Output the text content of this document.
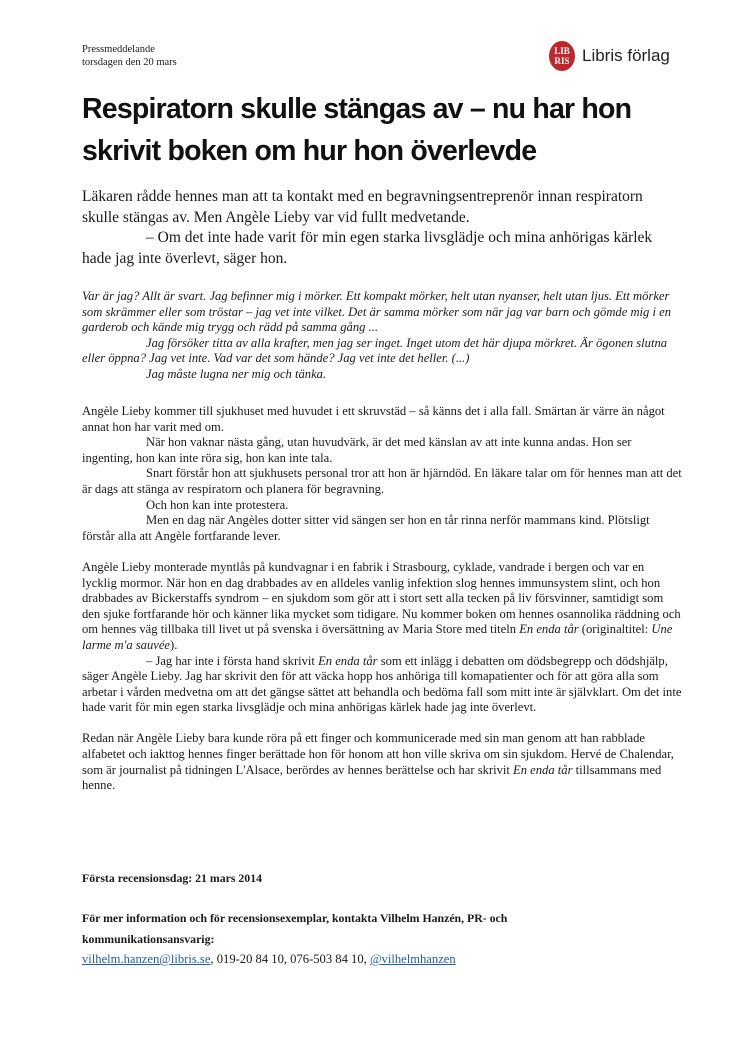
Pressmeddelande
torsdagen den 20 mars
LIB
RIS Libris förlag
Respiratorn skulle stängas av – nu har hon skrivit boken om hur hon överlevde

Läkaren rådde hennes man att ta kontakt med en begravningsentreprenör innan respiratorn skulle stängas av. Men Angèle Lieby var vid fullt medvetande.

– Om det inte hade varit för min egen starka livsglädje och mina anhörigas kärlek hade jag inte överlevt, säger hon.

Var är jag? Allt är svart. Jag befinner mig i mörker. Ett kompakt mörker, helt utan nyanser, helt utan ljus. Ett mörker som skrämmer eller som tröstar – jag vet inte vilket. Det är samma mörker som när jag var barn och gömde mig i en garderob och kände mig trygg och rädd på samma gång ...

Jag försöker titta av alla krafter, men jag ser inget. Inget utom det här djupa mörkret. Är ögonen slutna eller öppna? Jag vet inte. Vad var det som hände? Jag vet inte det heller. (...)

Jag måste lugna ner mig och tänka.

Angèle Lieby kommer till sjukhuset med huvudet i ett skruvstäd – så känns det i alla fall. Smärtan är värre än något annat hon har varit med om.

När hon vaknar nästa gång, utan huvudvärk, är det med känslan av att inte kunna andas. Hon ser ingenting, hon kan inte röra sig, hon kan inte tala.

Snart förstår hon att sjukhusets personal tror att hon är hjärndöd. En läkare talar om för hennes man att det är dags att stänga av respiratorn och planera för begravning.

Och hon kan inte protestera.

Men en dag när Angèles dotter sitter vid sängen ser hon en tår rinna nerför mammans kind. Plötsligt förstår alla att Angèle fortfarande lever.

Angèle Lieby monterade myntlås på kundvagnar i en fabrik i Strasbourg, cyklade, vandrade i bergen och var en lycklig mormor. När hon en dag drabbades av en alldeles vanlig infektion slog hennes immunsystem slint, och hon drabbades av Bickerstaffs syndrom – en sjukdom som gör att i stort sett alla tecken på liv försvinner, samtidigt som den sjuke fortfarande hör och känner lika mycket som tidigare. Nu kommer boken om hennes osannolika räddning och om hennes väg tillbaka till livet ut på svenska i översättning av Maria Store med titeln En enda tår (originaltitel: Une larme m'a sauvée).

– Jag har inte i första hand skrivit En enda tår som ett inlägg i debatten om dödsbegrepp och dödshjälp, säger Angèle Lieby. Jag har skrivit den för att väcka hopp hos anhöriga till komapatienter och för att göra alla som arbetar i vården medvetna om att det gängse sättet att behandla och bedöma fall som mitt inte är självklart. Om det inte hade varit för min egen starka livsglädje och mina anhörigas kärlek hade jag inte överlevt.

Redan när Angèle Lieby bara kunde röra på ett finger och kommunicerade med sin man genom att han rabblade alfabetet och iakttog hennes finger berättade hon för honom att hon ville skriva om sin sjukdom. Hervé de Chalendar, som är journalist på tidningen L'Alsace, berördes av hennes berättelse och har skrivit En enda tår tillsammans med henne.

Första recensionsdag: 21 mars 2014
För mer information och för recensionsexemplar, kontakta Vilhelm Hanzén, PR- och
kommunikationsansvarig:
vilhelm.hanzen@libris.se, 019-20 84 10, 076-503 84 10, @vilhelmhanzen
